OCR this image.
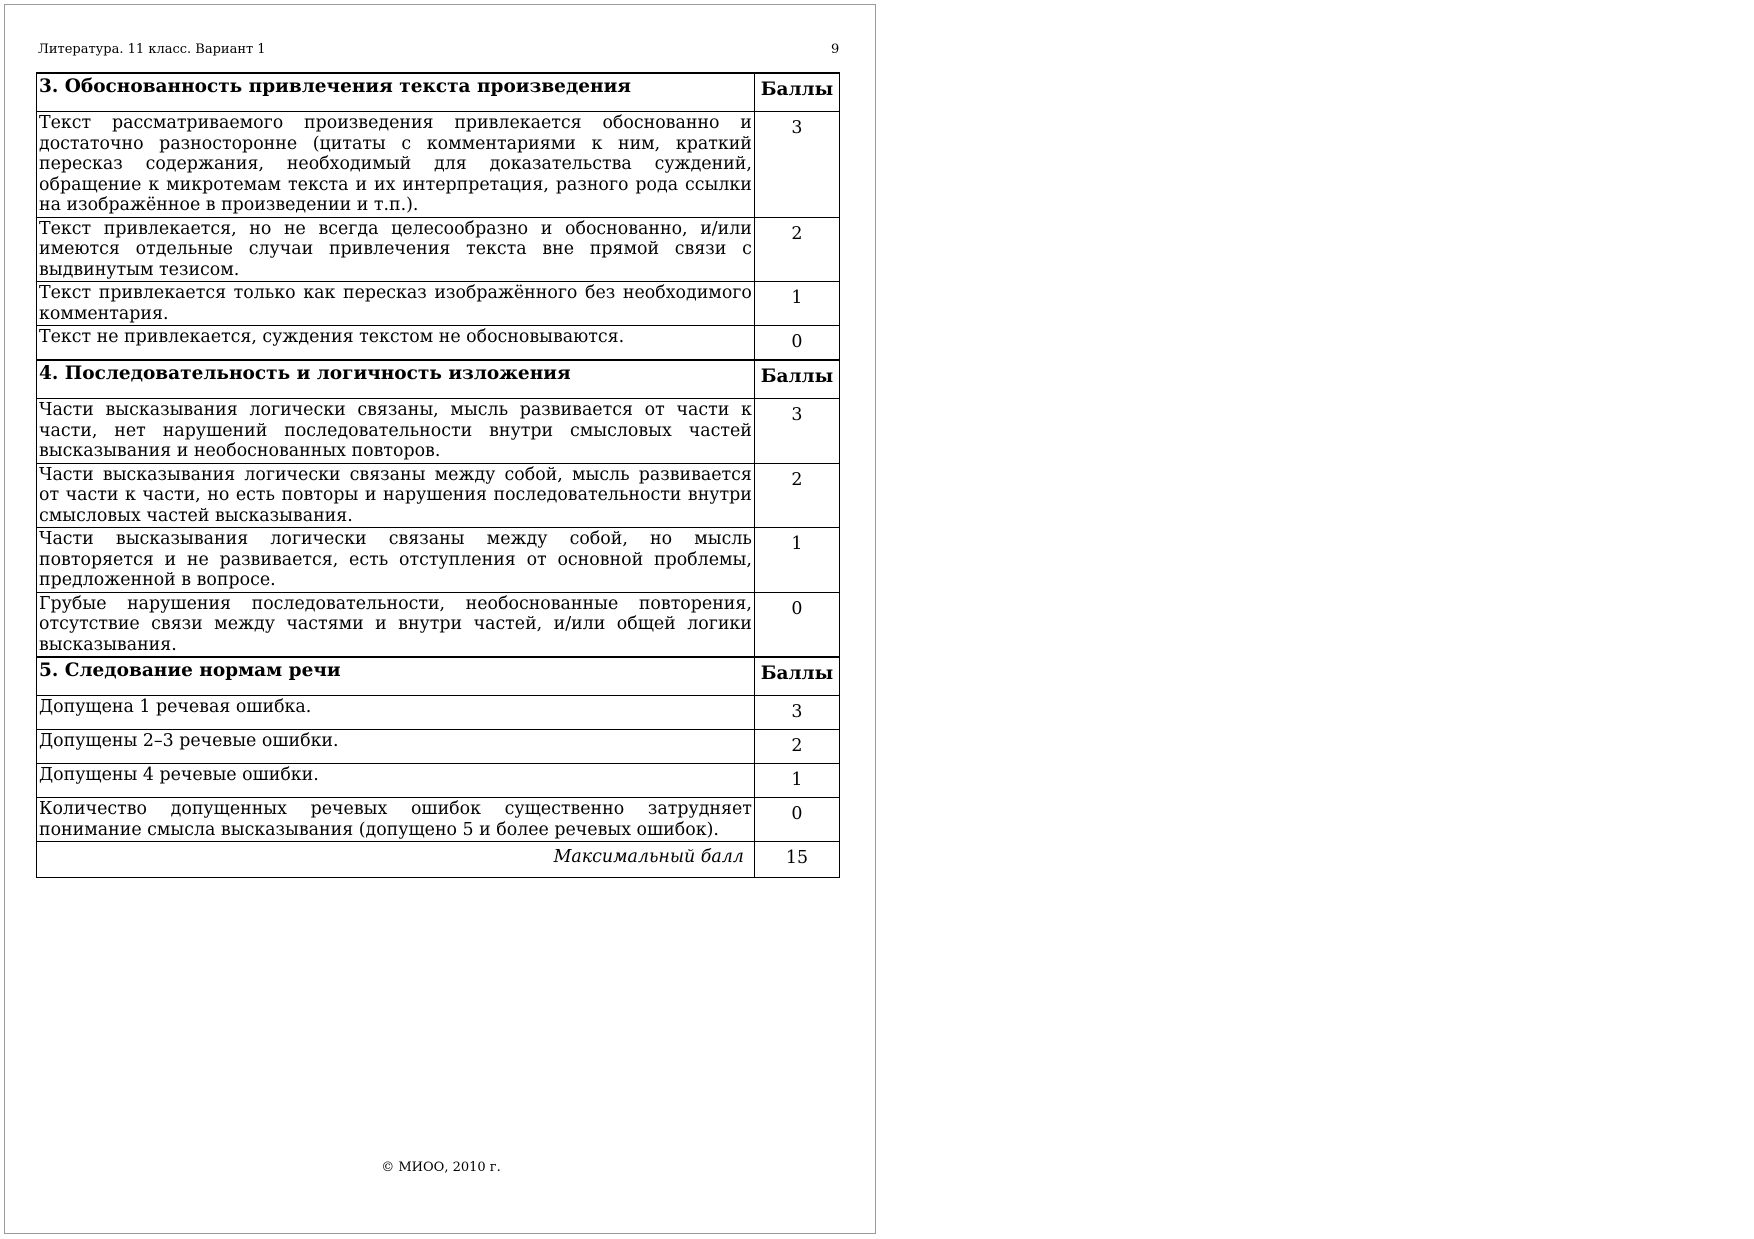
Литература. 11 класс. Вариант 1	9
3. Обоснованность привлечения текста произведения	Баллы
Текст рассматриваемого произведения привлекается обоснованно и достаточно разносторонне (цитаты с комментариями к ним, краткий пересказ содержания, необходимый для доказательства суждений, обращение к микротемам текста и их интерпретация, разного рода ссылки на изображённое в произведении и т.п.).	3
Текст привлекается, но не всегда целесообразно и обоснованно, и/или имеются отдельные случаи привлечения текста вне прямой связи с выдвинутым тезисом.	2
Текст привлекается только как пересказ изображённого без необходимого комментария.	1
Текст не привлекается, суждения текстом не обосновываются.	0
4. Последовательность и логичность изложения	Баллы
Части высказывания логически связаны, мысль развивается от части к части, нет нарушений последовательности внутри смысловых частей высказывания и необоснованных повторов.	3
Части высказывания логически связаны между собой, мысль развивается от части к части, но есть повторы и нарушения последовательности внутри смысловых частей высказывания.	2
Части высказывания логически связаны между собой, но мысль повторяется и не развивается, есть отступления от основной проблемы, предложенной в вопросе.	1
Грубые нарушения последовательности, необоснованные повторения, отсутствие связи между частями и внутри частей, и/или общей логики высказывания.	0
5. Следование нормам речи	Баллы
Допущена 1 речевая ошибка.	3
Допущены 2–3 речевые ошибки.	2
Допущены 4 речевые ошибки.	1
Количество допущенных речевых ошибок существенно затрудняет понимание смысла высказывания (допущено 5 и более речевых ошибок).	0
Максимальный балл	15
© МИОО, 2010 г.
